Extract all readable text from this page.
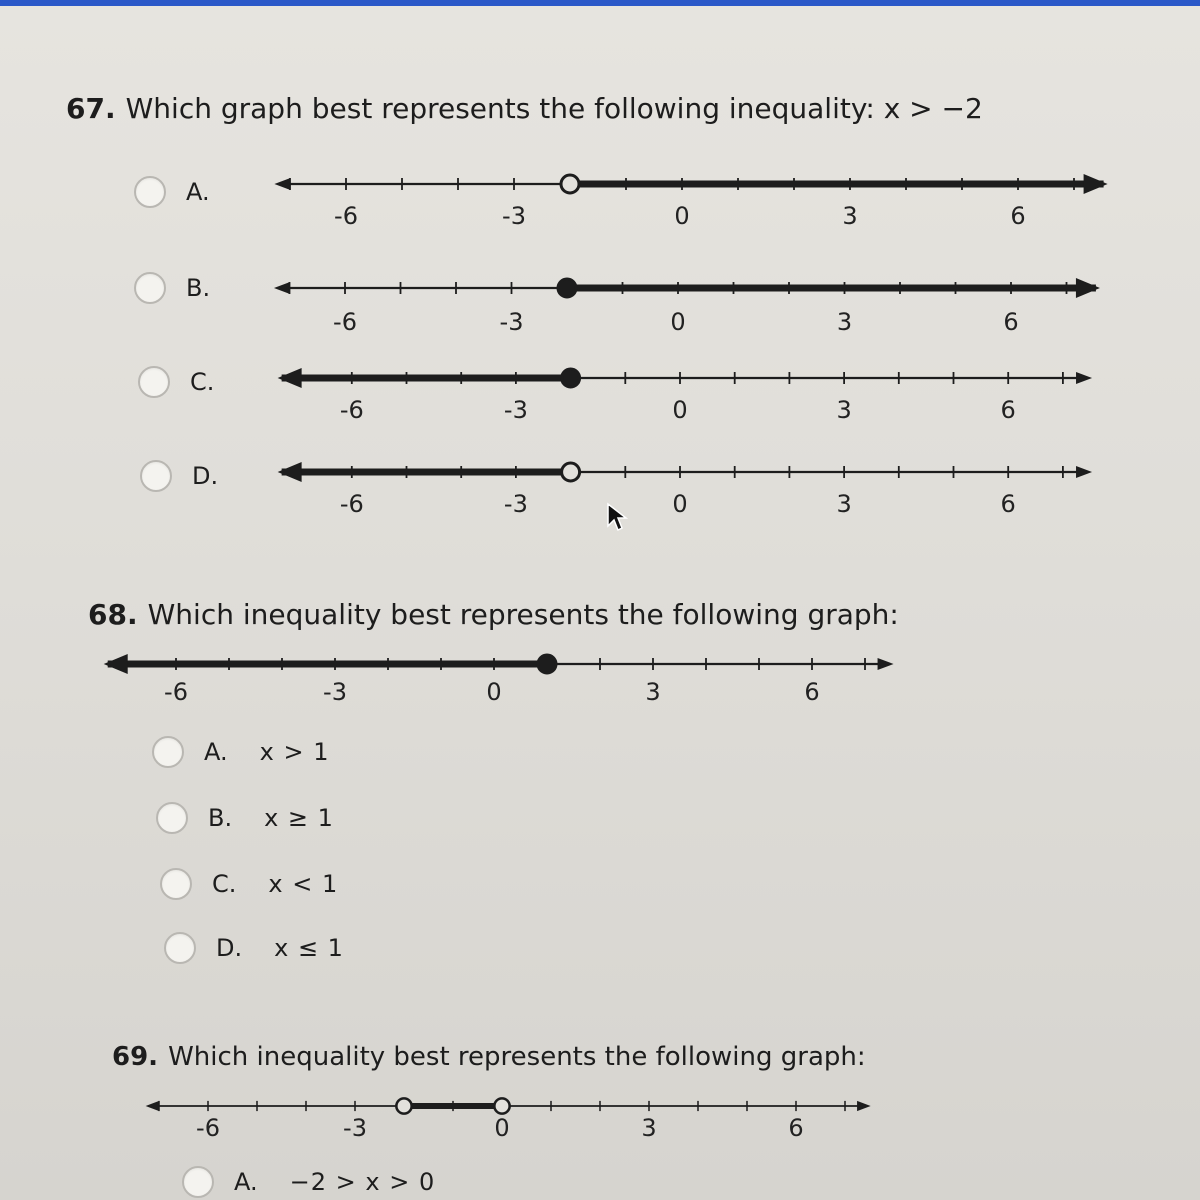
67. Which graph best represents the following inequality: x > −2
A.
-6	-3	0	3	6
B.
-6	-3	0	3	6
C.
-6	-3	0	3	6
D.
-6	-3	0	3	6
68. Which inequality best represents the following graph:
-6	-3	0	3	6
A. x > 1
B. x ≥ 1
C. x < 1
D. x ≤ 1
69. Which inequality best represents the following graph:
-6	-3	0	3	6
A. −2 > x > 0
